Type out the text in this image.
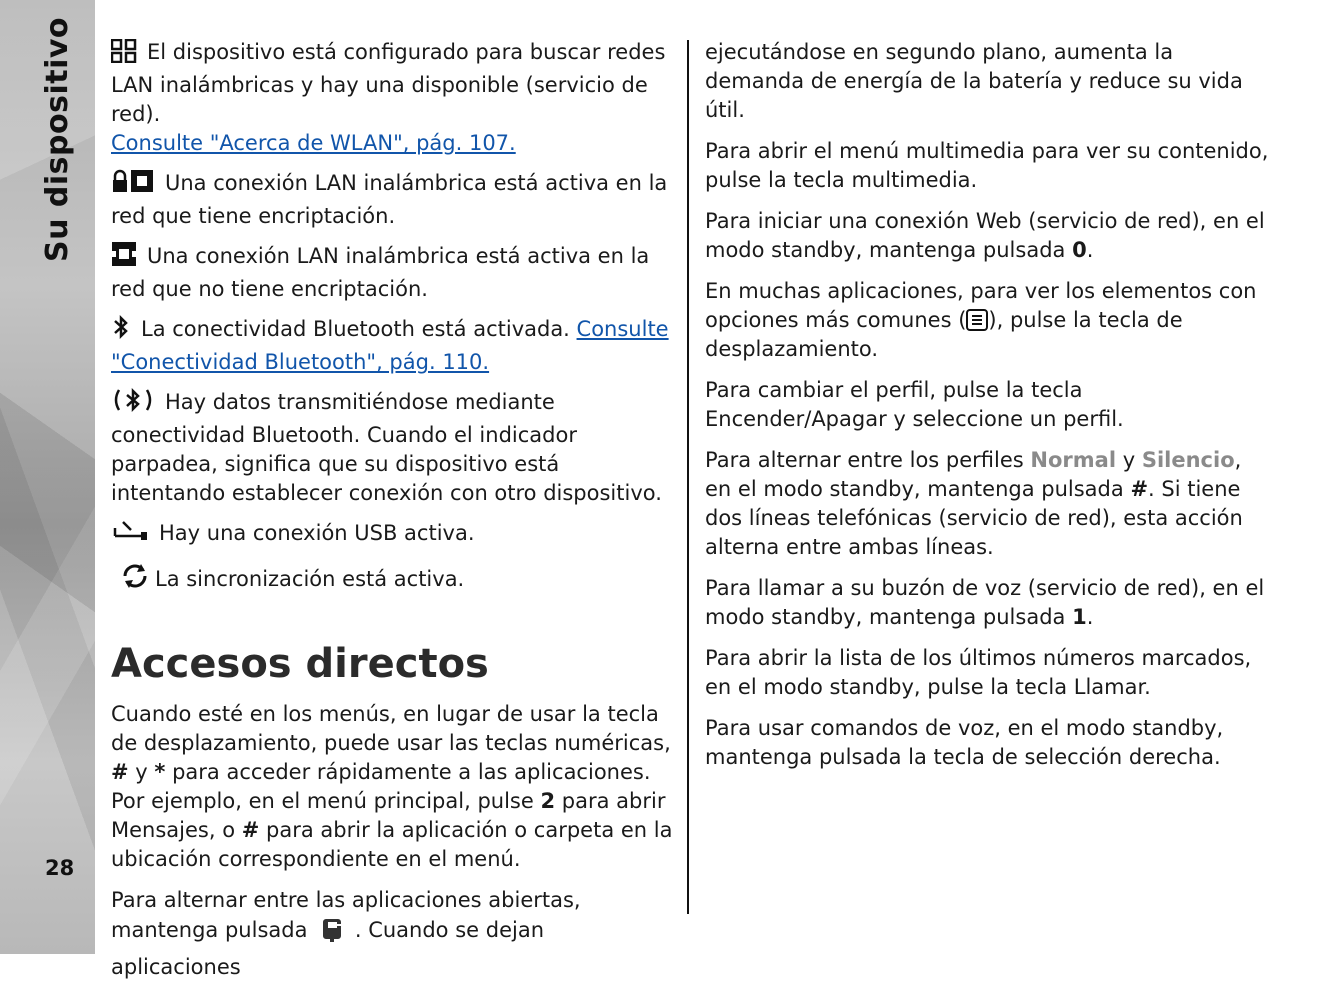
Su dispositivo
28
El dispositivo está configurado para buscar redes LAN inalámbricas y hay una disponible (servicio de red).
Consulte "Acerca de WLAN", pág. 107.
Una conexión LAN inalámbrica está activa en la red que tiene encriptación.
Una conexión LAN inalámbrica está activa en la red que no tiene encriptación.
La conectividad Bluetooth está activada. Consulte "Conectividad Bluetooth", pág. 110.
Hay datos transmitiéndose mediante conectividad Bluetooth. Cuando el indicador parpadea, significa que su dispositivo está intentando establecer conexión con otro dispositivo.
Hay una conexión USB activa.
La sincronización está activa.
Accesos directos

Cuando esté en los menús, en lugar de usar la tecla de desplazamiento, puede usar las teclas numéricas, # y * para acceder rápidamente a las aplicaciones. Por ejemplo, en el menú principal, pulse 2 para abrir Mensajes, o # para abrir la aplicación o carpeta en la ubicación correspondiente en el menú.

Para alternar entre las aplicaciones abiertas, mantenga pulsada . Cuando se dejan aplicaciones

ejecutándose en segundo plano, aumenta la demanda de energía de la batería y reduce su vida útil.

Para abrir el menú multimedia para ver su contenido, pulse la tecla multimedia.

Para iniciar una conexión Web (servicio de red), en el modo standby, mantenga pulsada 0.

En muchas aplicaciones, para ver los elementos con opciones más comunes ( ), pulse la tecla de desplazamiento.

Para cambiar el perfil, pulse la tecla Encender/Apagar y seleccione un perfil.

Para alternar entre los perfiles Normal y Silencio, en el modo standby, mantenga pulsada #. Si tiene dos líneas telefónicas (servicio de red), esta acción alterna entre ambas líneas.

Para llamar a su buzón de voz (servicio de red), en el modo standby, mantenga pulsada 1.

Para abrir la lista de los últimos números marcados, en el modo standby, pulse la tecla Llamar.

Para usar comandos de voz, en el modo standby, mantenga pulsada la tecla de selección derecha.
